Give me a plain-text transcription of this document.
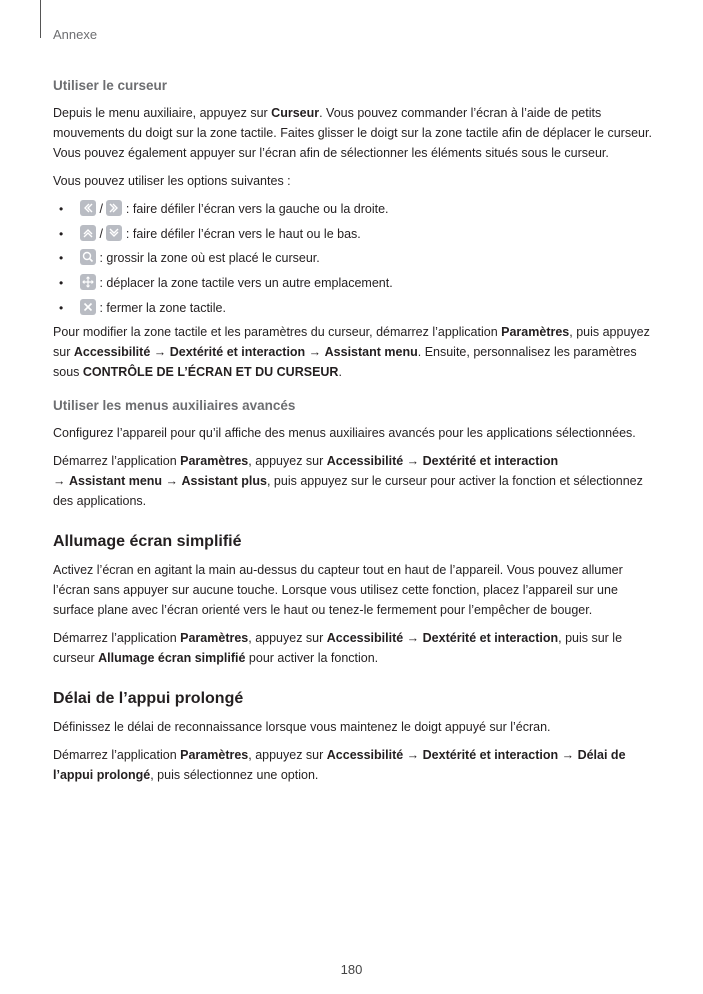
Annexe
Utiliser le curseur

Depuis le menu auxiliaire, appuyez sur Curseur. Vous pouvez commander l’écran à l’aide de petits mouvements du doigt sur la zone tactile. Faites glisser le doigt sur la zone tactile afin de déplacer le curseur. Vous pouvez également appuyer sur l’écran afin de sélectionner les éléments situés sous le curseur.

Vous pouvez utiliser les options suivantes :

•	/
: faire défiler l’écran vers la gauche ou la droite.
•	/
: faire défiler l’écran vers le haut ou le bas.
•	: grossir la zone où est placé le curseur.
•	: déplacer la zone tactile vers un autre emplacement.
•	: fermer la zone tactile.

Pour modifier la zone tactile et les paramètres du curseur, démarrez l’application Paramètres, puis appuyez sur Accessibilité → Dextérité et interaction → Assistant menu. Ensuite, personnalisez les paramètres sous CONTRÔLE DE L’ÉCRAN ET DU CURSEUR.

Utiliser les menus auxiliaires avancés

Configurez l’appareil pour qu’il affiche des menus auxiliaires avancés pour les applications sélectionnées.

Démarrez l’application Paramètres, appuyez sur Accessibilité → Dextérité et interaction
→ Assistant menu → Assistant plus, puis appuyez sur le curseur pour activer la fonction et sélectionnez des applications.

Allumage écran simplifié

Activez l’écran en agitant la main au-dessus du capteur tout en haut de l’appareil. Vous pouvez allumer l’écran sans appuyer sur aucune touche. Lorsque vous utilisez cette fonction, placez l’appareil sur une surface plane avec l’écran orienté vers le haut ou tenez-le fermement pour l’empêcher de bouger.

Démarrez l’application Paramètres, appuyez sur Accessibilité → Dextérité et interaction, puis sur le curseur Allumage écran simplifié pour activer la fonction.

Délai de l’appui prolongé

Définissez le délai de reconnaissance lorsque vous maintenez le doigt appuyé sur l’écran.

Démarrez l’application Paramètres, appuyez sur Accessibilité → Dextérité et interaction → Délai de l’appui prolongé, puis sélectionnez une option.

180
